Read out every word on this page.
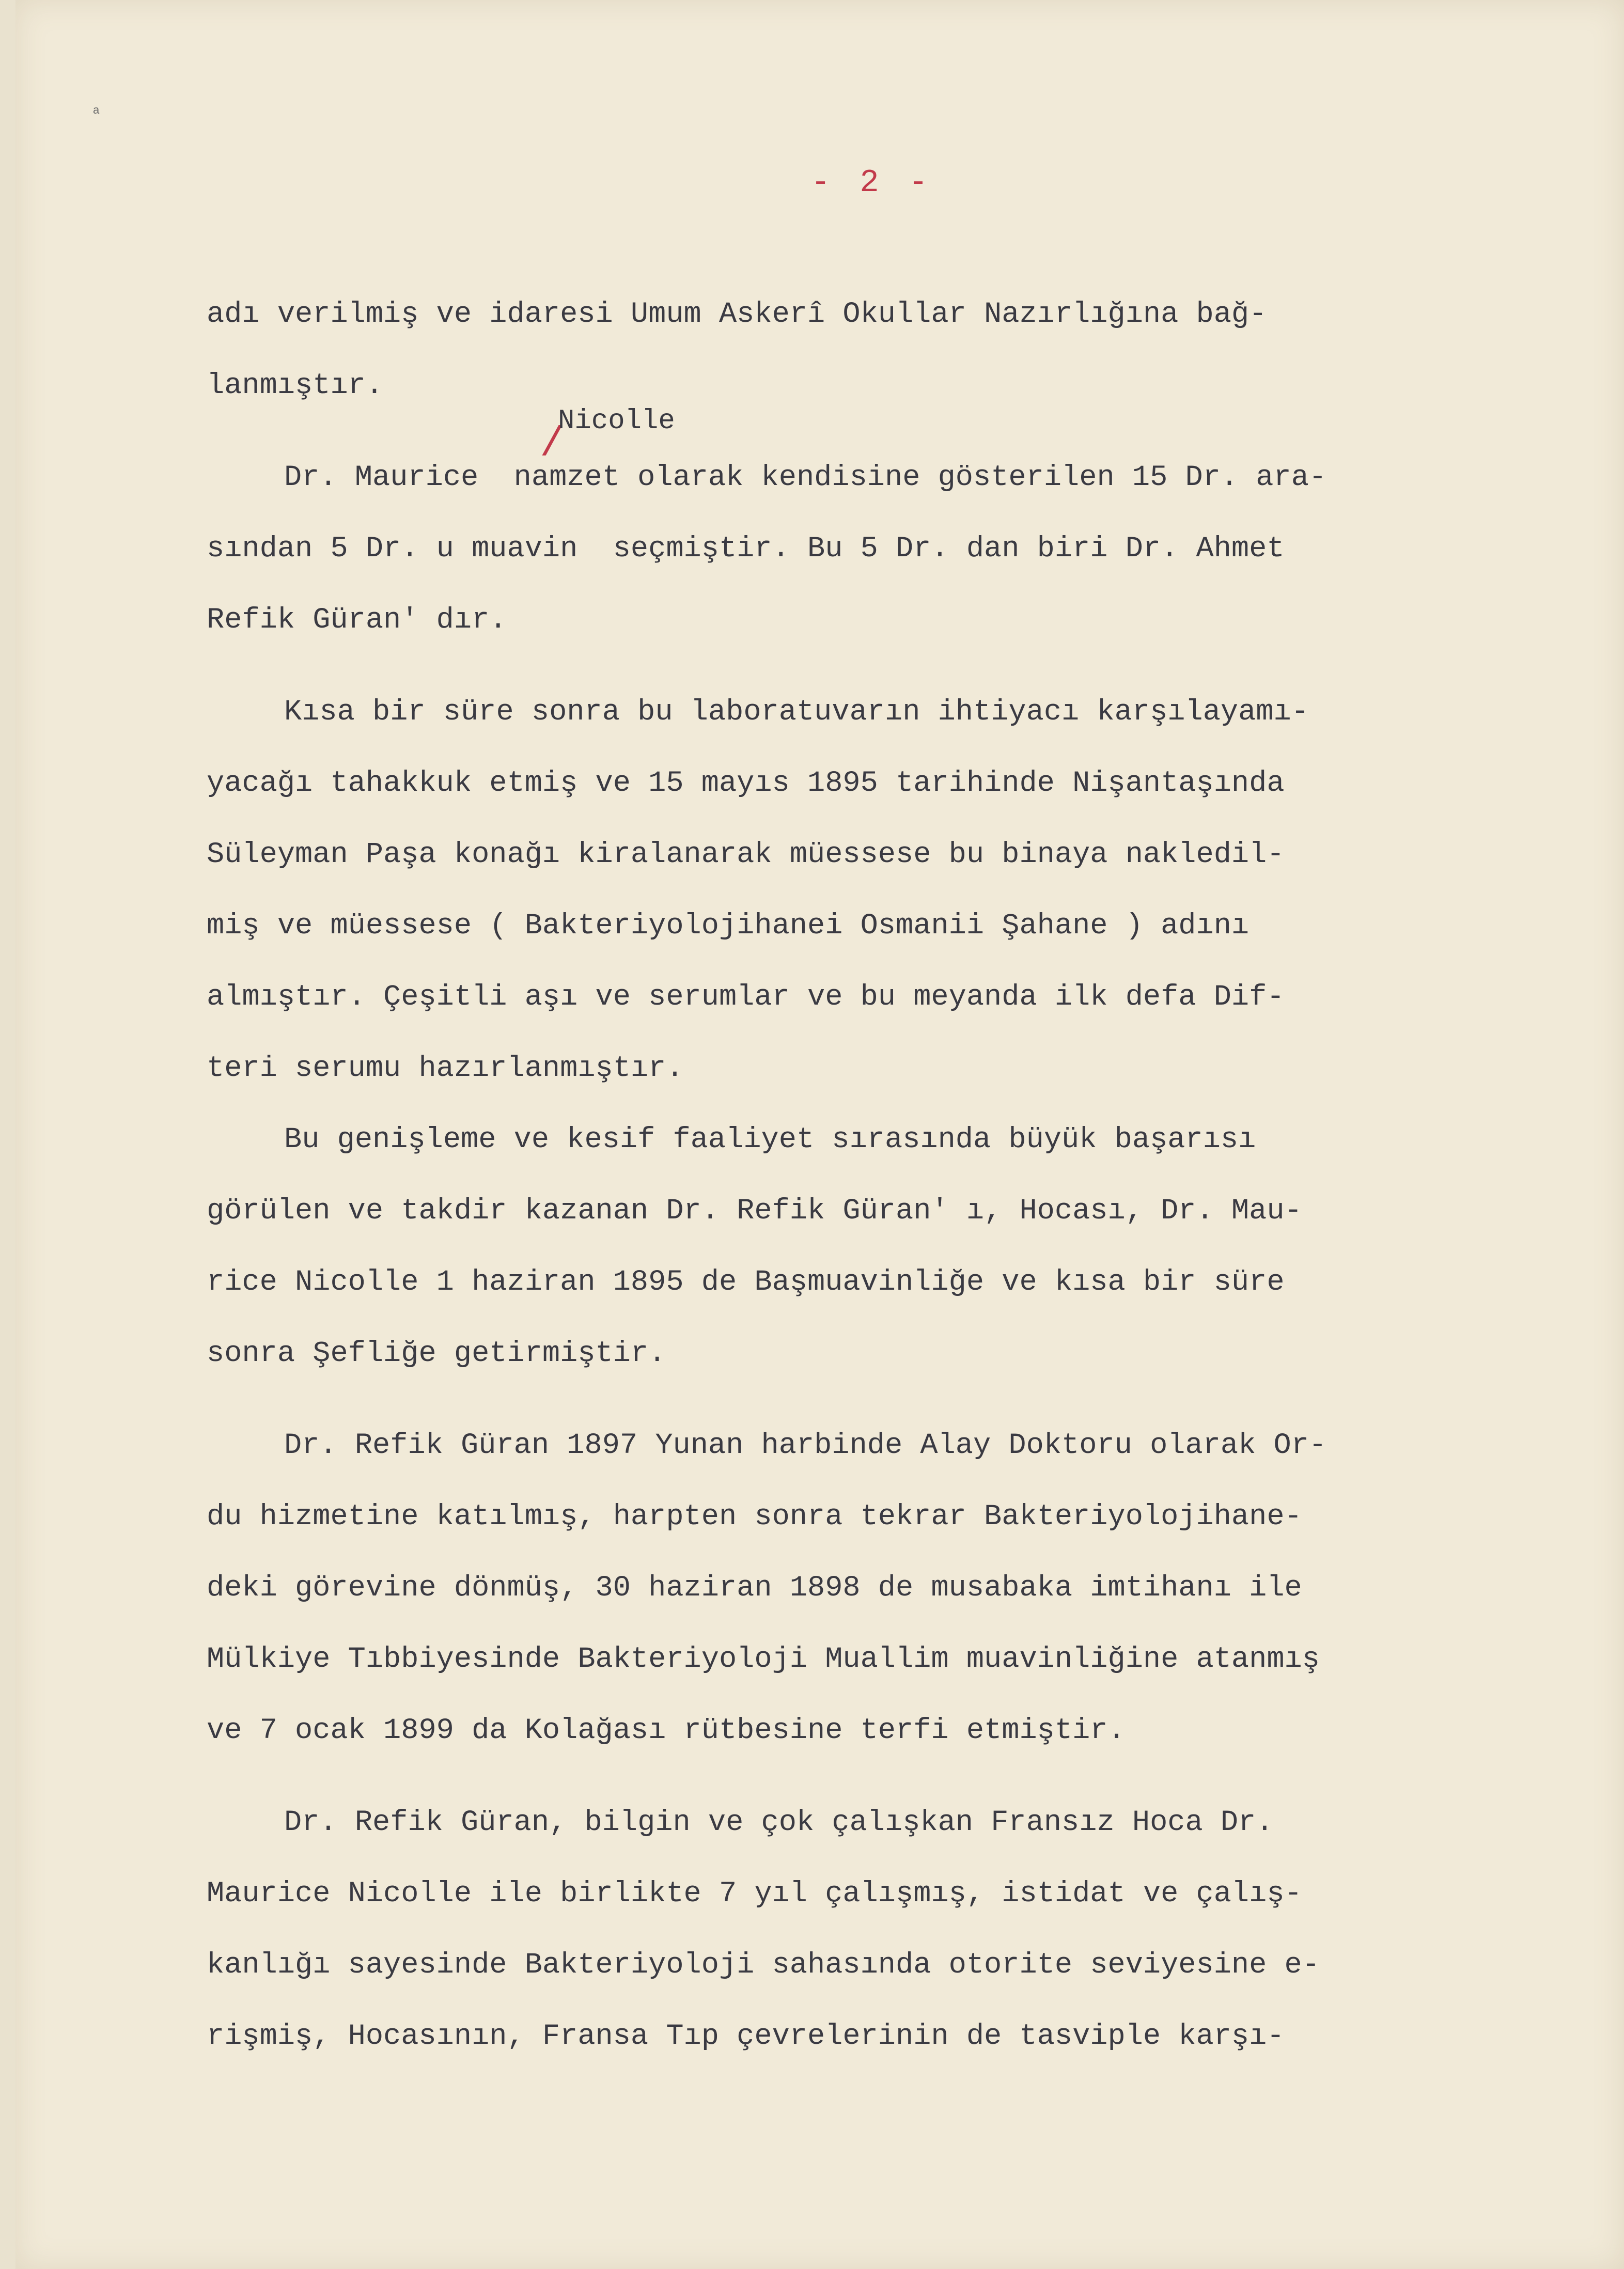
a
- 2 -
/
Nicolle
adı verilmiş ve idaresi Umum Askerî Okullar Nazırlığına bağ-
lanmıştır.
Dr. Maurice  namzet olarak kendisine gösterilen 15 Dr. ara-
sından 5 Dr. u muavin  seçmiştir. Bu 5 Dr. dan biri Dr. Ahmet
Refik Güran' dır.
Kısa bir süre sonra bu laboratuvarın ihtiyacı karşılayamı-
yacağı tahakkuk etmiş ve 15 mayıs 1895 tarihinde Nişantaşında
Süleyman Paşa konağı kiralanarak müessese bu binaya nakledil-
miş ve müessese ( Bakteriyolojihanei Osmanii Şahane ) adını
almıştır. Çeşitli aşı ve serumlar ve bu meyanda ilk defa Dif-
teri serumu hazırlanmıştır.
Bu genişleme ve kesif faaliyet sırasında büyük başarısı
görülen ve takdir kazanan Dr. Refik Güran' ı, Hocası, Dr. Mau-
rice Nicolle 1 haziran 1895 de Başmuavinliğe ve kısa bir süre
sonra Şefliğe getirmiştir.
Dr. Refik Güran 1897 Yunan harbinde Alay Doktoru olarak Or-
du hizmetine katılmış, harpten sonra tekrar Bakteriyolojihane-
deki görevine dönmüş, 30 haziran 1898 de musabaka imtihanı ile
Mülkiye Tıbbiyesinde Bakteriyoloji Muallim muavinliğine atanmış
ve 7 ocak 1899 da Kolağası rütbesine terfi etmiştir.
Dr. Refik Güran, bilgin ve çok çalışkan Fransız Hoca Dr.
Maurice Nicolle ile birlikte 7 yıl çalışmış, istidat ve çalış-
kanlığı sayesinde Bakteriyoloji sahasında otorite seviyesine e-
rişmiş, Hocasının, Fransa Tıp çevrelerinin de tasviple karşı-
